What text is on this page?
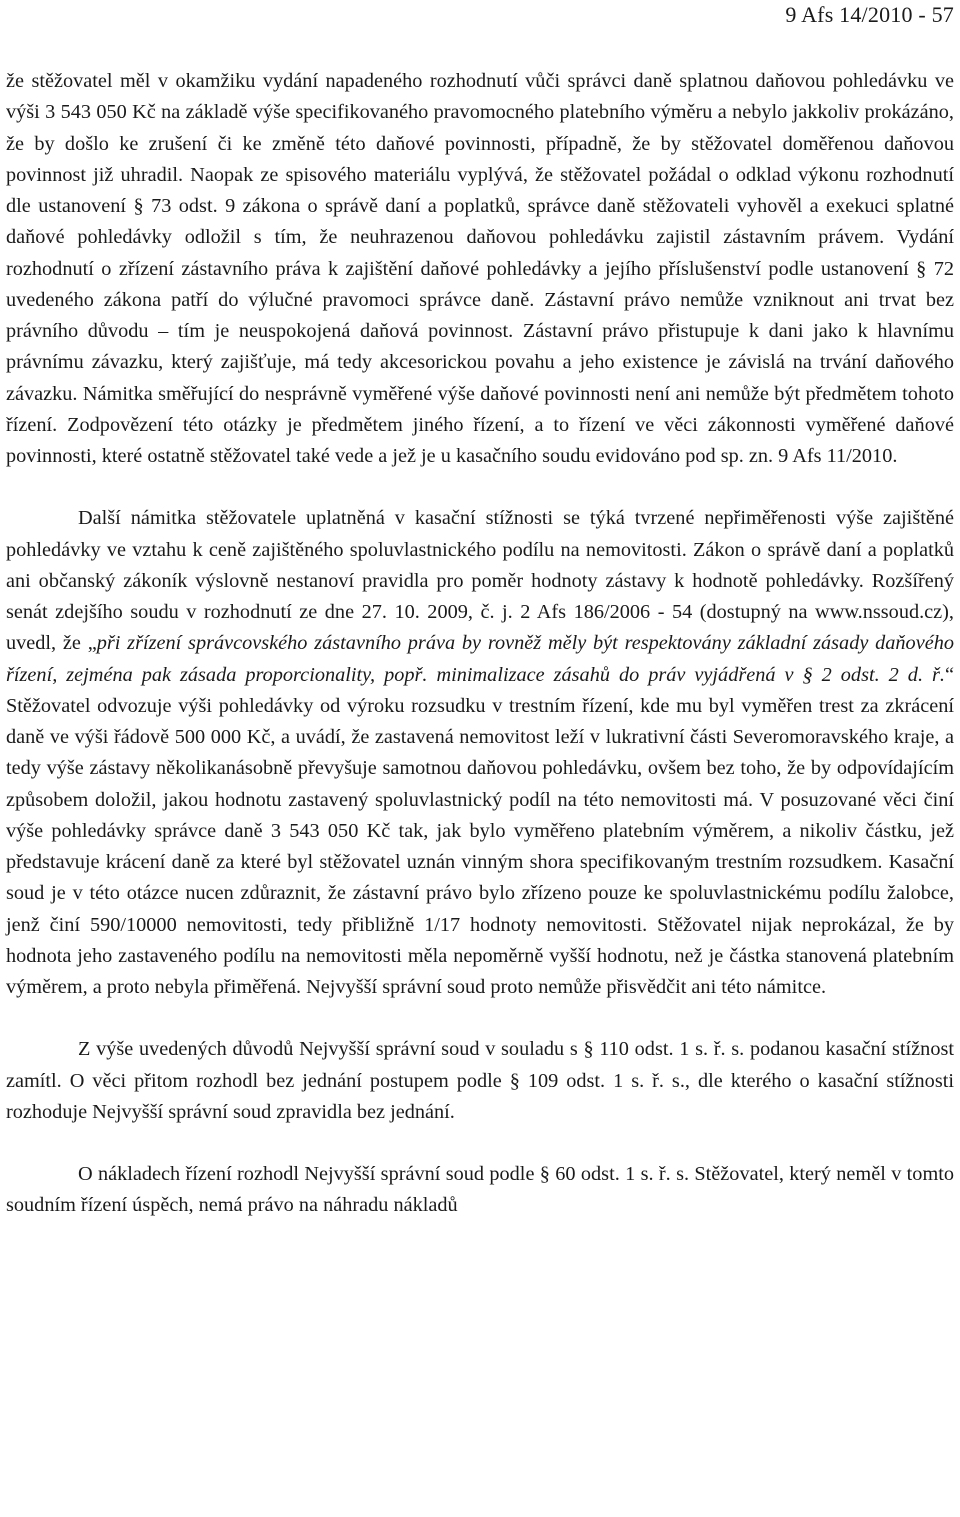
9 Afs 14/2010 - 57

že stěžovatel měl v okamžiku vydání napadeného rozhodnutí vůči správci daně splatnou daňovou pohledávku ve výši 3 543 050 Kč na základě výše specifikovaného pravomocného platebního výměru a nebylo jakkoliv prokázáno, že by došlo ke zrušení či ke změně této daňové povinnosti, případně, že by stěžovatel doměřenou daňovou povinnost již uhradil. Naopak ze spisového materiálu vyplývá, že stěžovatel požádal o odklad výkonu rozhodnutí dle ustanovení § 73 odst. 9 zákona o správě daní a poplatků, správce daně stěžovateli vyhověl a exekuci splatné daňové pohledávky odložil s tím, že neuhrazenou daňovou pohledávku zajistil zástavním právem. Vydání rozhodnutí o zřízení zástavního práva k zajištění daňové pohledávky a jejího příslušenství podle ustanovení § 72 uvedeného zákona patří do výlučné pravomoci správce daně. Zástavní právo nemůže vzniknout ani trvat bez právního důvodu – tím je neuspokojená daňová povinnost. Zástavní právo přistupuje k dani jako k hlavnímu právnímu závazku, který zajišťuje, má tedy akcesorickou povahu a jeho existence je závislá na trvání daňového závazku. Námitka směřující do nesprávně vyměřené výše daňové povinnosti není ani nemůže být předmětem tohoto řízení. Zodpovězení této otázky je předmětem jiného řízení, a to řízení ve věci zákonnosti vyměřené daňové povinnosti, které ostatně stěžovatel také vede a jež je u kasačního soudu evidováno pod sp. zn. 9 Afs 11/2010.

Další námitka stěžovatele uplatněná v kasační stížnosti se týká tvrzené nepřiměřenosti výše zajištěné pohledávky ve vztahu k ceně zajištěného spoluvlastnického podílu na nemovitosti. Zákon o správě daní a poplatků ani občanský zákoník výslovně nestanoví pravidla pro poměr hodnoty zástavy k hodnotě pohledávky. Rozšířený senát zdejšího soudu v rozhodnutí ze dne 27. 10. 2009, č. j. 2 Afs 186/2006 - 54 (dostupný na www.nssoud.cz), uvedl, že „při zřízení správcovského zástavního práva by rovněž měly být respektovány základní zásady daňového řízení, zejména pak zásada proporcionality, popř. minimalizace zásahů do práv vyjádřená v § 2 odst. 2 d. ř.“ Stěžovatel odvozuje výši pohledávky od výroku rozsudku v trestním řízení, kde mu byl vyměřen trest za zkrácení daně ve výši řádově 500 000 Kč, a uvádí, že zastavená nemovitost leží v lukrativní části Severomoravského kraje, a tedy výše zástavy několikanásobně převyšuje samotnou daňovou pohledávku, ovšem bez toho, že by odpovídajícím způsobem doložil, jakou hodnotu zastavený spoluvlastnický podíl na této nemovitosti má. V posuzované věci činí výše pohledávky správce daně 3 543 050 Kč tak, jak bylo vyměřeno platebním výměrem, a nikoliv částku, jež představuje krácení daně za které byl stěžovatel uznán vinným shora specifikovaným trestním rozsudkem. Kasační soud je v této otázce nucen zdůraznit, že zástavní právo bylo zřízeno pouze ke spoluvlastnickému podílu žalobce, jenž činí 590/10000 nemovitosti, tedy přibližně 1/17 hodnoty nemovitosti. Stěžovatel nijak neprokázal, že by hodnota jeho zastaveného podílu na nemovitosti měla nepoměrně vyšší hodnotu, než je částka stanovená platebním výměrem, a proto nebyla přiměřená. Nejvyšší správní soud proto nemůže přisvědčit ani této námitce.

Z výše uvedených důvodů Nejvyšší správní soud v souladu s § 110 odst. 1 s. ř. s. podanou kasační stížnost zamítl. O věci přitom rozhodl bez jednání postupem podle § 109 odst. 1 s. ř. s., dle kterého o kasační stížnosti rozhoduje Nejvyšší správní soud zpravidla bez jednání.

O nákladech řízení rozhodl Nejvyšší správní soud podle § 60 odst. 1 s. ř. s. Stěžovatel, který neměl v tomto soudním řízení úspěch, nemá právo na náhradu nákladů
